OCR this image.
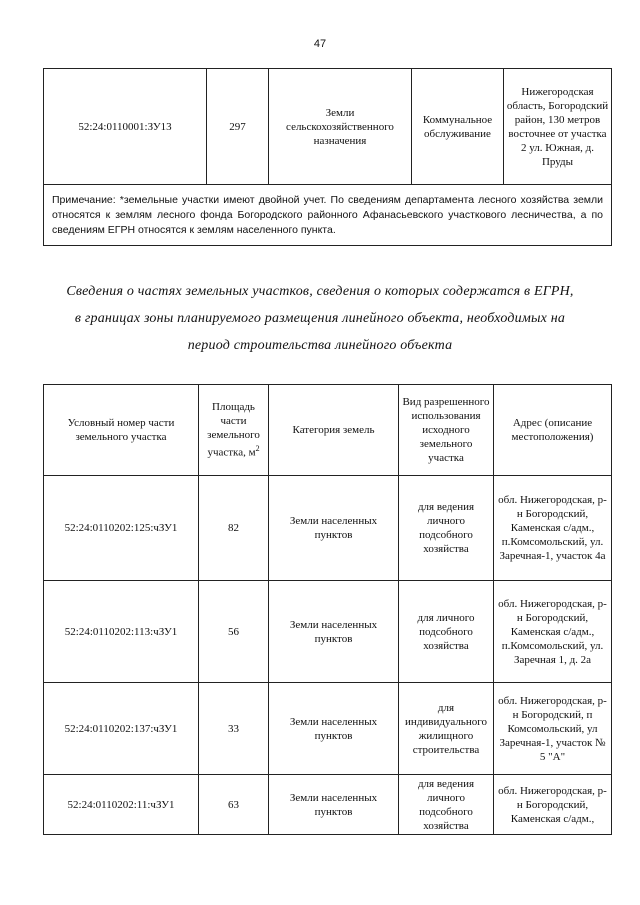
47
52:24:0110001:ЗУ13	297	Земли сельскохозяйственного назначения	Коммунальное обслуживание	Нижегородская область, Богородский район, 130 метров восточнее от участка 2 ул. Южная, д. Пруды
Примечание: *земельные участки имеют двойной учет. По сведениям департамента лесного хозяйства земли относятся к землям лесного фонда Богородского районного Афанасьевского участкового лесничества, а по сведениям ЕГРН относятся к землям населенного пункта.
Сведения о частях земельных участков, сведения о которых содержатся в ЕГРН,
в границах зоны планируемого размещения линейного объекта, необходимых на
период строительства линейного объекта
Условный номер части земельного участка	Площадь части земельного участка, $м^2$	Категория земель	Вид разрешенного использования исходного земельного участка	Адрес (описание местоположения)
52:24:0110202:125:чЗУ1	82	Земли населенных пунктов	для ведения личного подсобного хозяйства	обл. Нижегородская, р-н Богородский, Каменская с/адм., п.Комсомольский, ул. Заречная-1, участок 4а
52:24:0110202:113:чЗУ1	56	Земли населенных пунктов	для личного подсобного хозяйства	обл. Нижегородская, р-н Богородский, Каменская с/адм., п.Комсомольский, ул. Заречная 1, д. 2а
52:24:0110202:137:чЗУ1	33	Земли населенных пунктов	для индивидуального жилищного строительства	обл. Нижегородская, р-н Богородский, п Комсомольский, ул Заречная-1, участок № 5 "А"
52:24:0110202:11:чЗУ1	63	Земли населенных пунктов	для ведения личного подсобного хозяйства	обл. Нижегородская, р-н Богородский, Каменская с/адм.,
